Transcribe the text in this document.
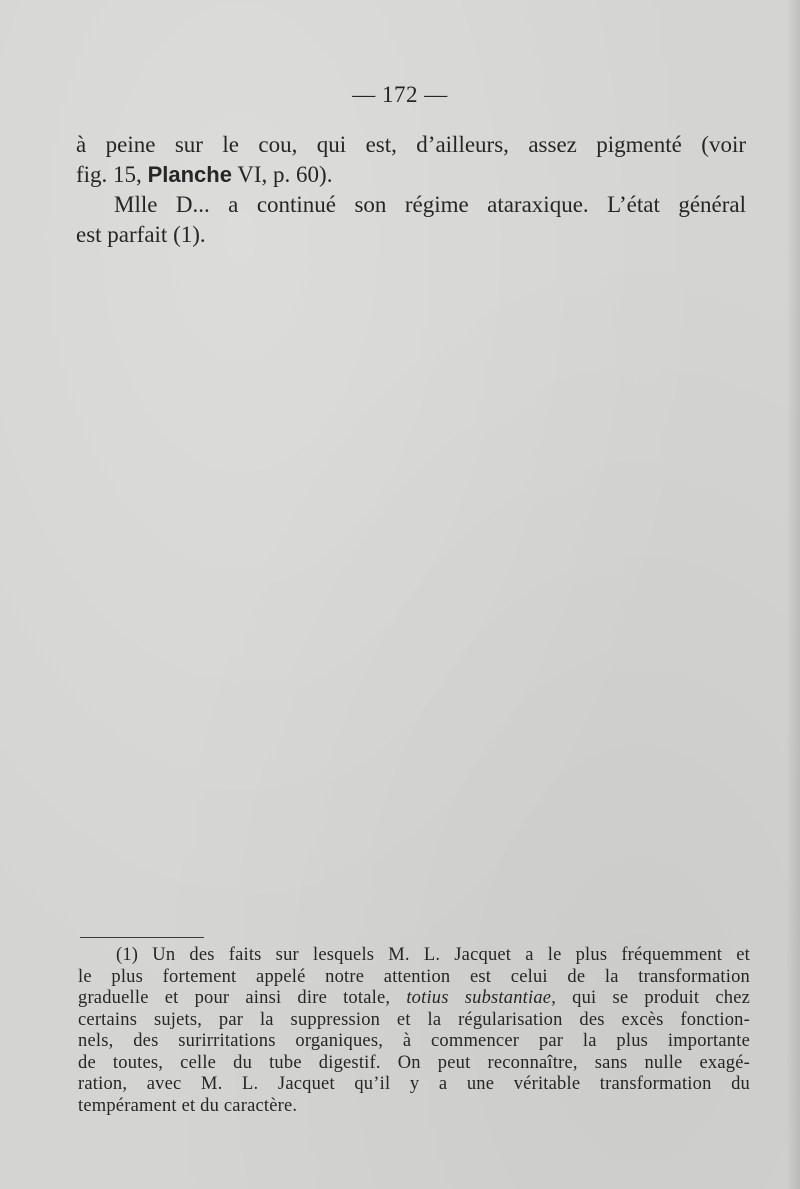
— 172 —

à peine sur le cou, qui est, d’ailleurs, assez pigmenté (voir
fig. 15, Planche VI, p. 60).

Mlle D... a continué son régime ataraxique. L’état général
est parfait (1).

(1) Un des faits sur lesquels M. L. Jacquet a le plus fréquemment et
le plus fortement appelé notre attention est celui de la transformation
graduelle et pour ainsi dire totale, totius substantiae, qui se produit chez
certains sujets, par la suppression et la régularisation des excès fonction-
nels, des surirritations organiques, à commencer par la plus importante
de toutes, celle du tube digestif. On peut reconnaître, sans nulle exagé-
ration, avec M. L. Jacquet qu’il y a une véritable transformation du
tempérament et du caractère.
